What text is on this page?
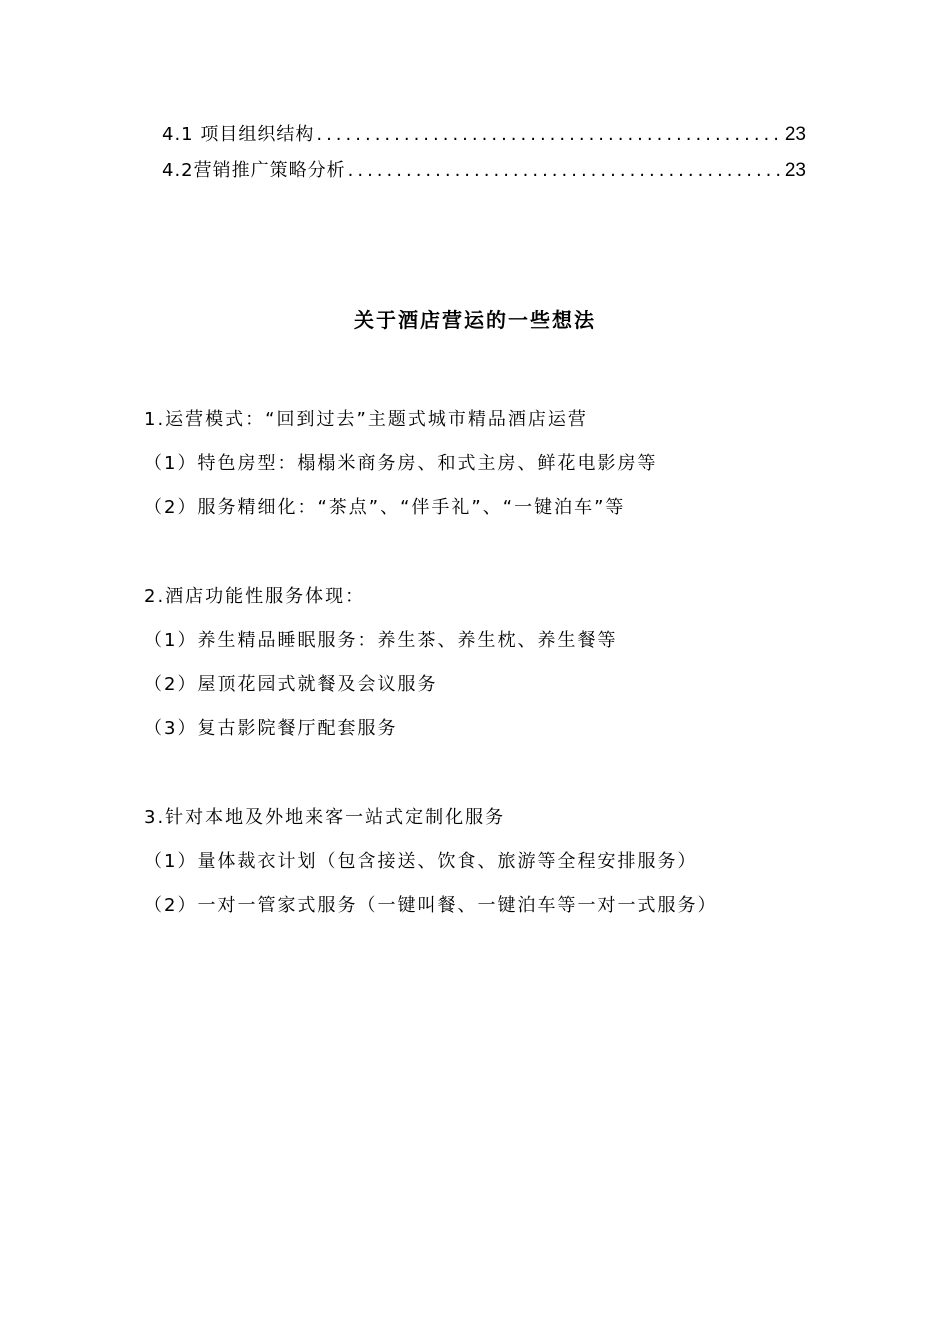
4.1 项目组织结构 .....	23
4.2营销推广策略分析 .....	23
关于酒店营运的一些想法
1.运营模式：“回到过去”主题式城市精品酒店运营
（1）特色房型：榻榻米商务房、和式主房、鲜花电影房等
（2）服务精细化：“茶点”、“伴手礼”、“一键泊车”等
2.酒店功能性服务体现：
（1）养生精品睡眠服务：养生茶、养生枕、养生餐等
（2）屋顶花园式就餐及会议服务
（3）复古影院餐厅配套服务
3.针对本地及外地来客一站式定制化服务
（1）量体裁衣计划（包含接送、饮食、旅游等全程安排服务）
（2）一对一管家式服务（一键叫餐、一键泊车等一对一式服务）
